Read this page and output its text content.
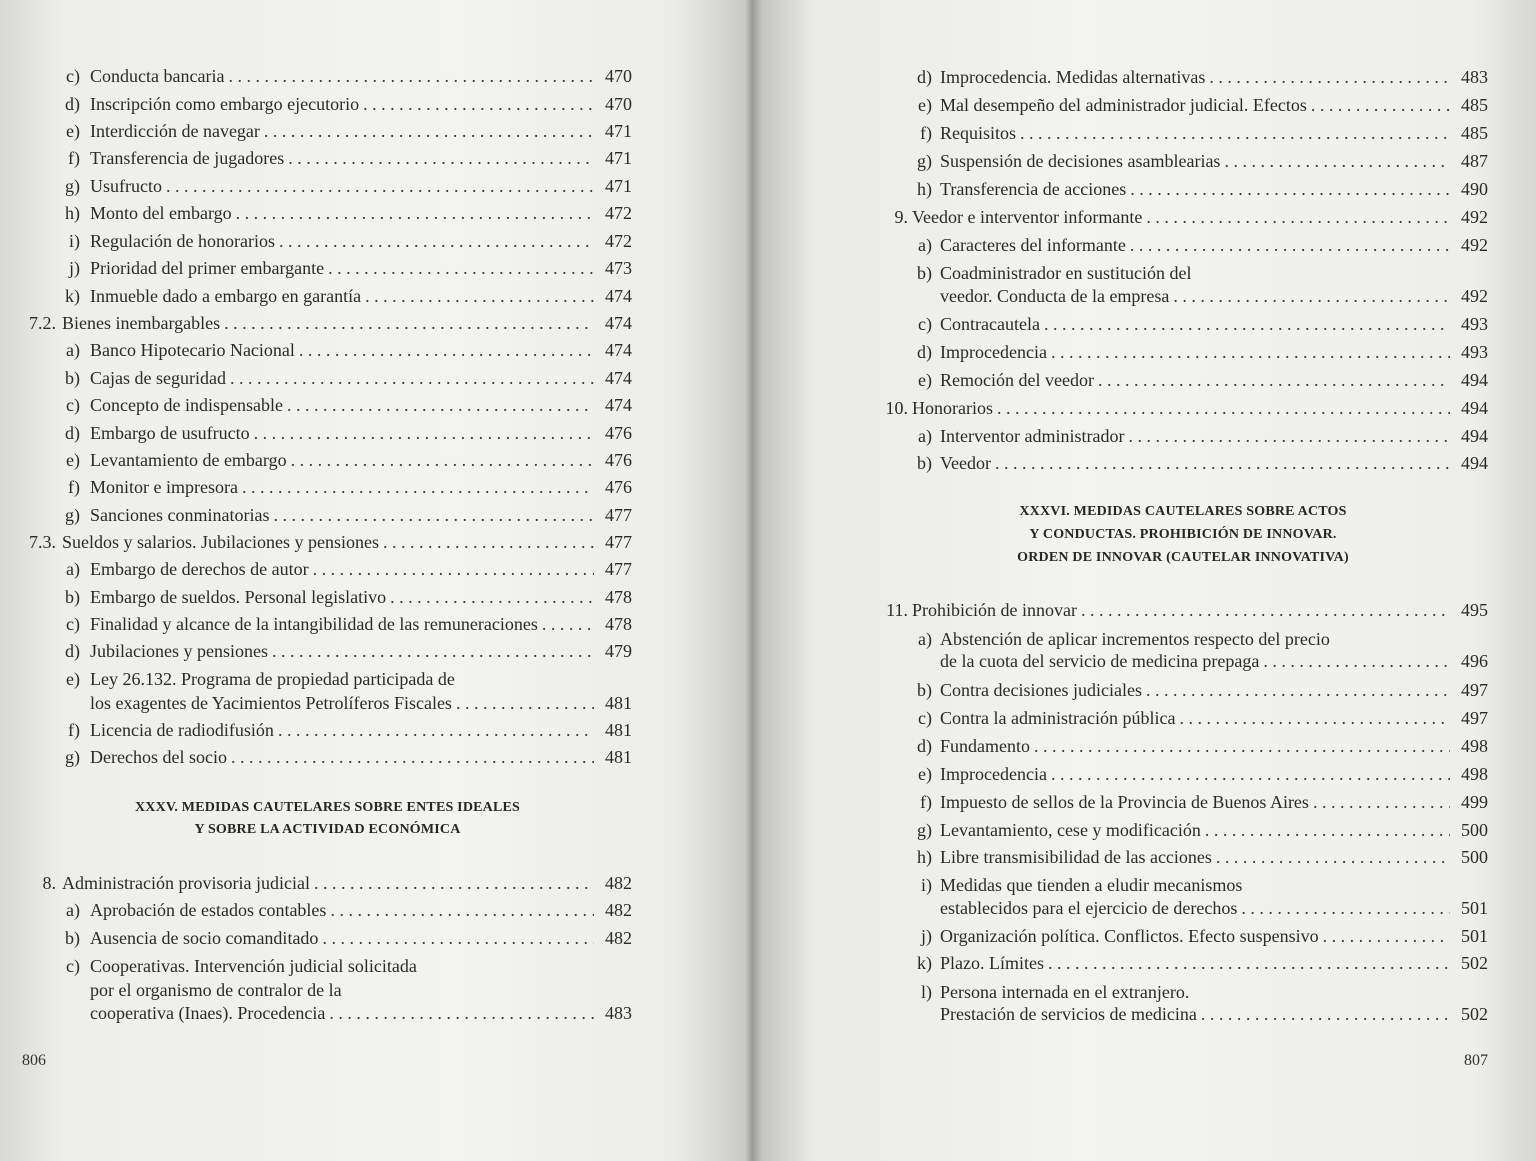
c) Conducta bancaria . . .	470
d) Inscripción como embargo ejecutorio . . .	470
e) Interdicción de navegar . . .	471
f) Transferencia de jugadores . . .	471
g) Usufructo . . .	471
h) Monto del embargo . . .	472
i) Regulación de honorarios . . .	472
j) Prioridad del primer embargante . . .	473
k) Inmueble dado a embargo en garantía . . .	474
7.2. Bienes inembargables . . .	474
a) Banco Hipotecario Nacional . . .	474
b) Cajas de seguridad . . .	474
c) Concepto de indispensable . . .	474
d) Embargo de usufructo . . .	476
e) Levantamiento de embargo . . .	476
f) Monitor e impresora . . .	476
g) Sanciones conminatorias . . .	477
7.3. Sueldos y salarios. Jubilaciones y pensiones . . .	477
a) Embargo de derechos de autor . . .	477
b) Embargo de sueldos. Personal legislativo . . .	478
c) Finalidad y alcance de la intangibilidad de las remuneraciones . . .	478
d) Jubilaciones y pensiones . . .	479
e) Ley 26.132. Programa de propiedad participada de
los exagentes de Yacimientos Petrolíferos Fiscales . . .	481
f) Licencia de radiodifusión . . .	481
g) Derechos del socio . . .	481
8. Administración provisoria judicial . . .	482
a) Aprobación de estados contables . . .	482
b) Ausencia de socio comanditado . . .	482
c) Cooperativas. Intervención judicial solicitada
por el organismo de contralor de la
cooperativa (Inaes). Procedencia . . .	483
XXXV. MEDIDAS CAUTELARES SOBRE ENTES IDEALES
Y SOBRE LA ACTIVIDAD ECONÓMICA
806
d) Improcedencia. Medidas alternativas . . .	483
e) Mal desempeño del administrador judicial. Efectos . . .	485
f) Requisitos . . .	485
g) Suspensión de decisiones asamblearias . . .	487
h) Transferencia de acciones . . .	490
9. Veedor e interventor informante . . .	492
a) Caracteres del informante . . .	492
b) Coadministrador en sustitución del
veedor. Conducta de la empresa . . .	492
c) Contracautela . . .	493
d) Improcedencia . . .	493
e) Remoción del veedor . . .	494
10. Honorarios . . .	494
a) Interventor administrador . . .	494
b) Veedor . . .	494
11. Prohibición de innovar . . .	495
a) Abstención de aplicar incrementos respecto del precio
de la cuota del servicio de medicina prepaga . . .	496
b) Contra decisiones judiciales . . .	497
c) Contra la administración pública . . .	497
d) Fundamento . . .	498
e) Improcedencia . . .	498
f) Impuesto de sellos de la Provincia de Buenos Aires . . .	499
g) Levantamiento, cese y modificación . . .	500
h) Libre transmisibilidad de las acciones . . .	500
i) Medidas que tienden a eludir mecanismos
establecidos para el ejercicio de derechos . . .	501
j) Organización política. Conflictos. Efecto suspensivo . . .	501
k) Plazo. Límites . . .	502
l) Persona internada en el extranjero.
Prestación de servicios de medicina . . .	502
XXXVI. MEDIDAS CAUTELARES SOBRE ACTOS
Y CONDUCTAS. PROHIBICIÓN DE INNOVAR.
ORDEN DE INNOVAR (CAUTELAR INNOVATIVA)
807
